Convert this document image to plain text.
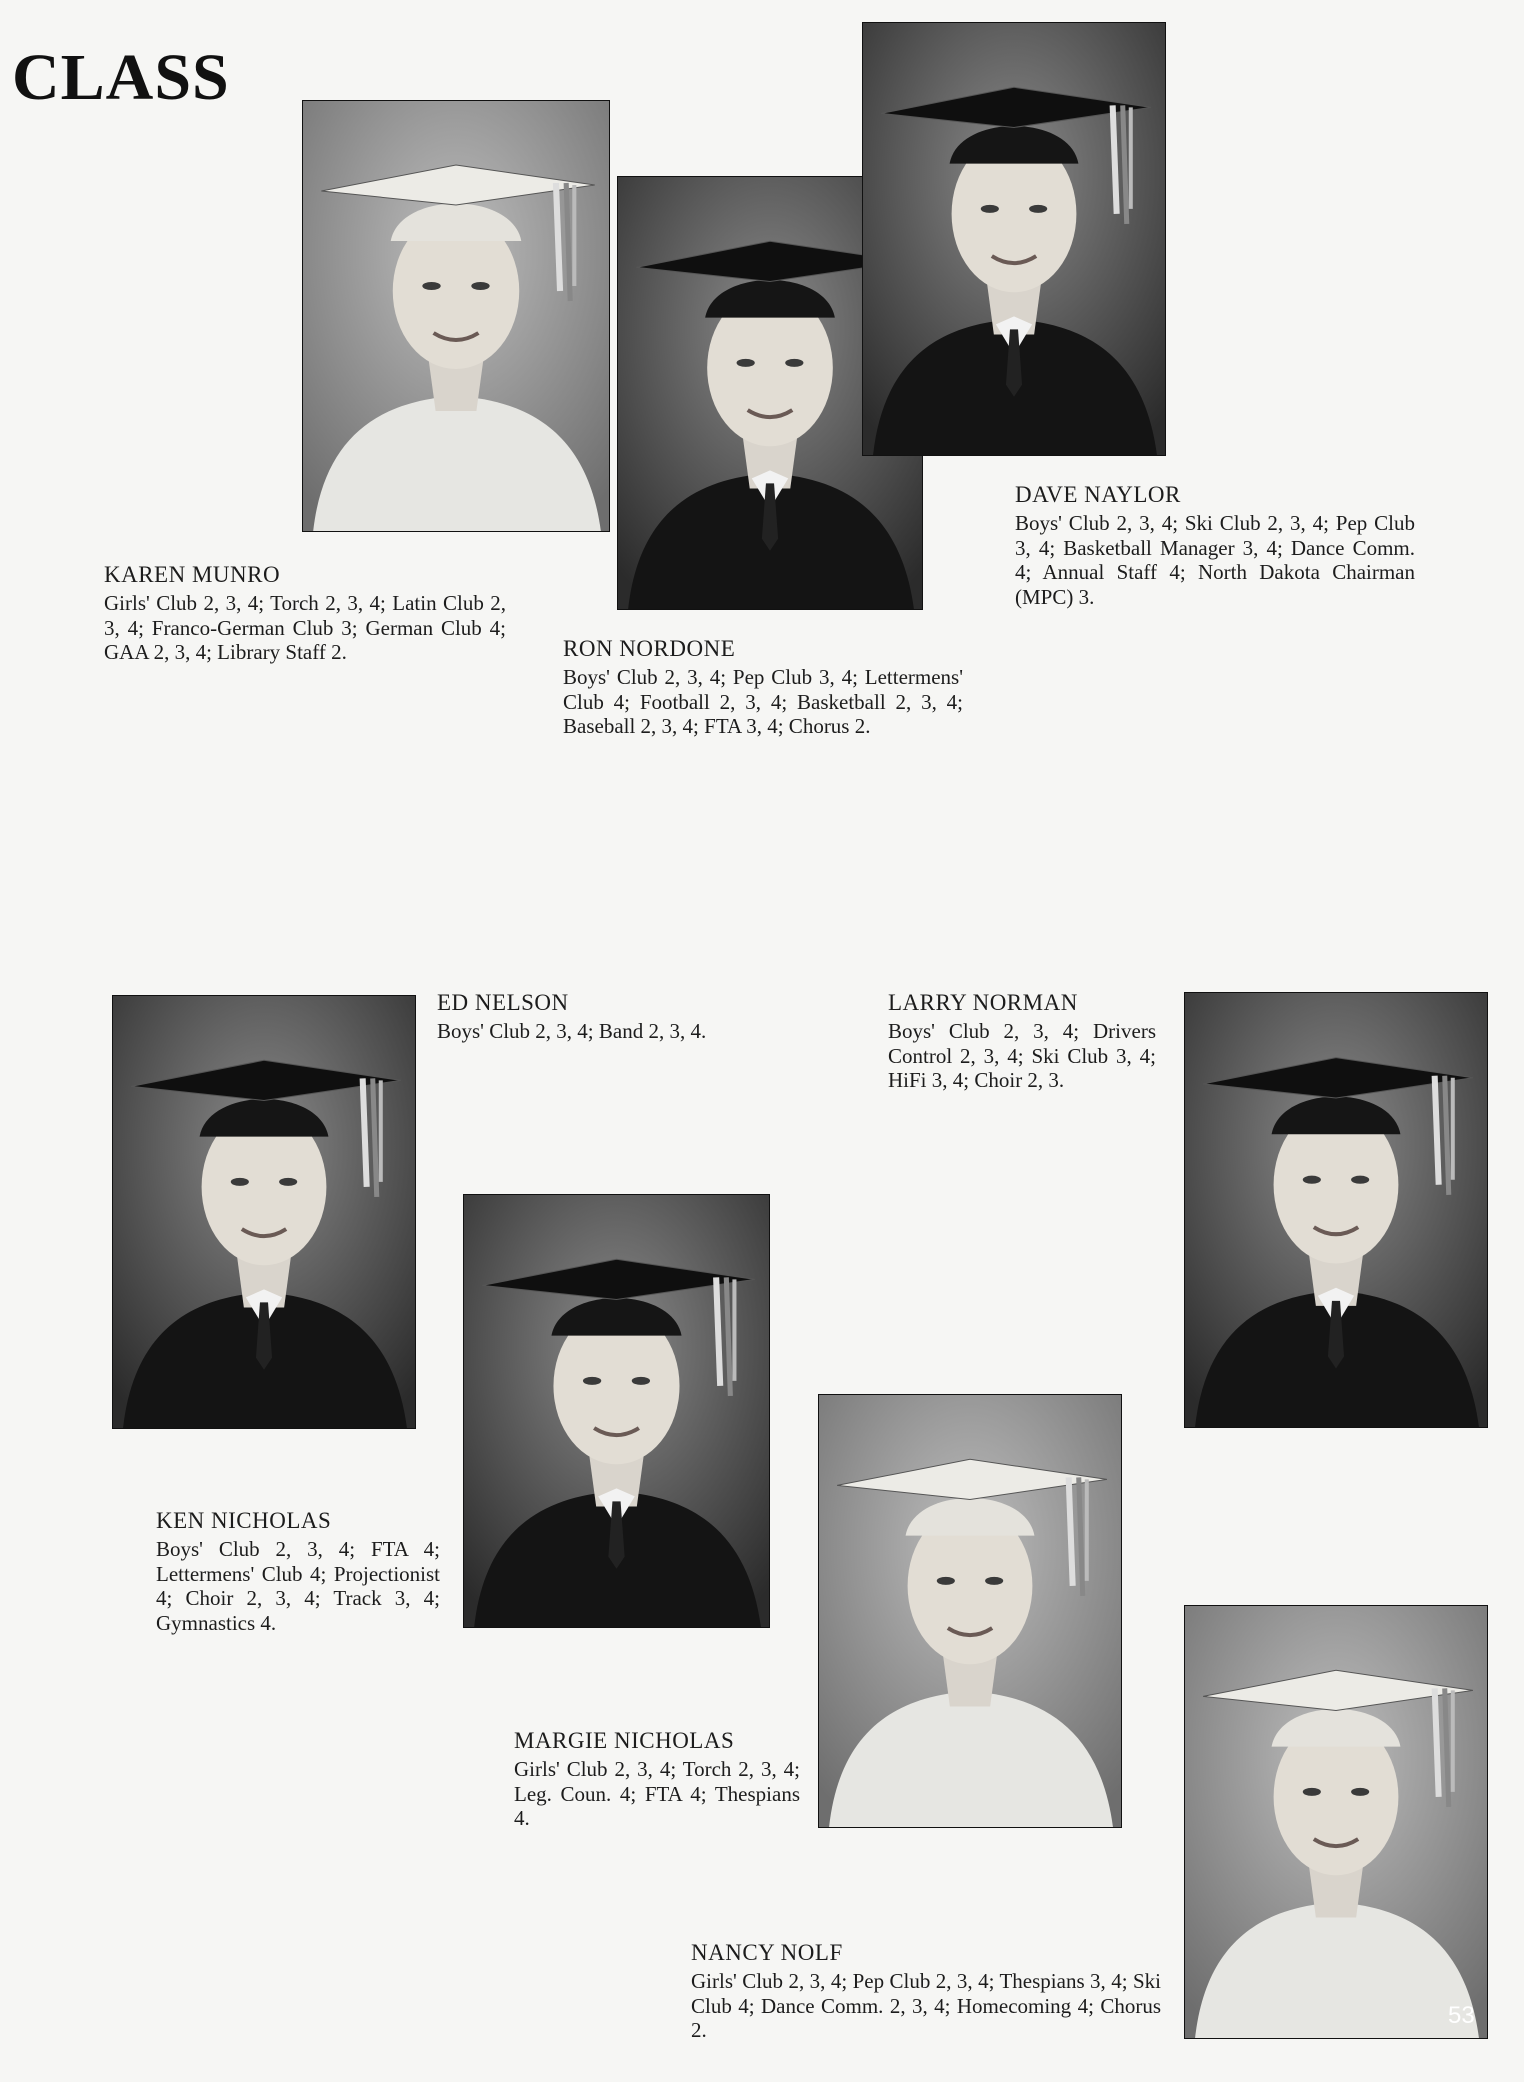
CLASS
KAREN MUNRO
Girls' Club 2, 3, 4; Torch 2, 3, 4; Latin Club 2, 3, 4; Franco-German Club 3; German Club 4; GAA 2, 3, 4; Library Staff 2.	RON NORDONE
Boys' Club 2, 3, 4; Pep Club 3, 4; Lettermens' Club 4; Football 2, 3, 4; Basketball 2, 3, 4; Baseball 2, 3, 4; FTA 3, 4; Chorus 2.
DAVE NAYLOR
Boys' Club 2, 3, 4; Ski Club 2, 3, 4; Pep Club 3, 4; Basketball Manager 3, 4; Dance Comm. 4; Annual Staff 4; North Dakota Chairman (MPC) 3.
ED NELSON
Boys' Club 2, 3, 4; Band 2, 3, 4.
LARRY NORMAN
Boys' Club 2, 3, 4; Drivers Control 2, 3, 4; Ski Club 3, 4; HiFi 3, 4; Choir 2, 3.
KEN NICHOLAS
Boys' Club 2, 3, 4; FTA 4; Lettermens' Club 4; Projectionist 4; Choir 2, 3, 4; Track 3, 4; Gymnastics 4.
MARGIE NICHOLAS
Girls' Club 2, 3, 4; Torch 2, 3, 4; Leg. Coun. 4; FTA 4; Thespians 4.
NANCY NOLF
Girls' Club 2, 3, 4; Pep Club 2, 3, 4; Thespians 3, 4; Ski Club 4; Dance Comm. 2, 3, 4; Homecoming 4; Chorus 2.
53
